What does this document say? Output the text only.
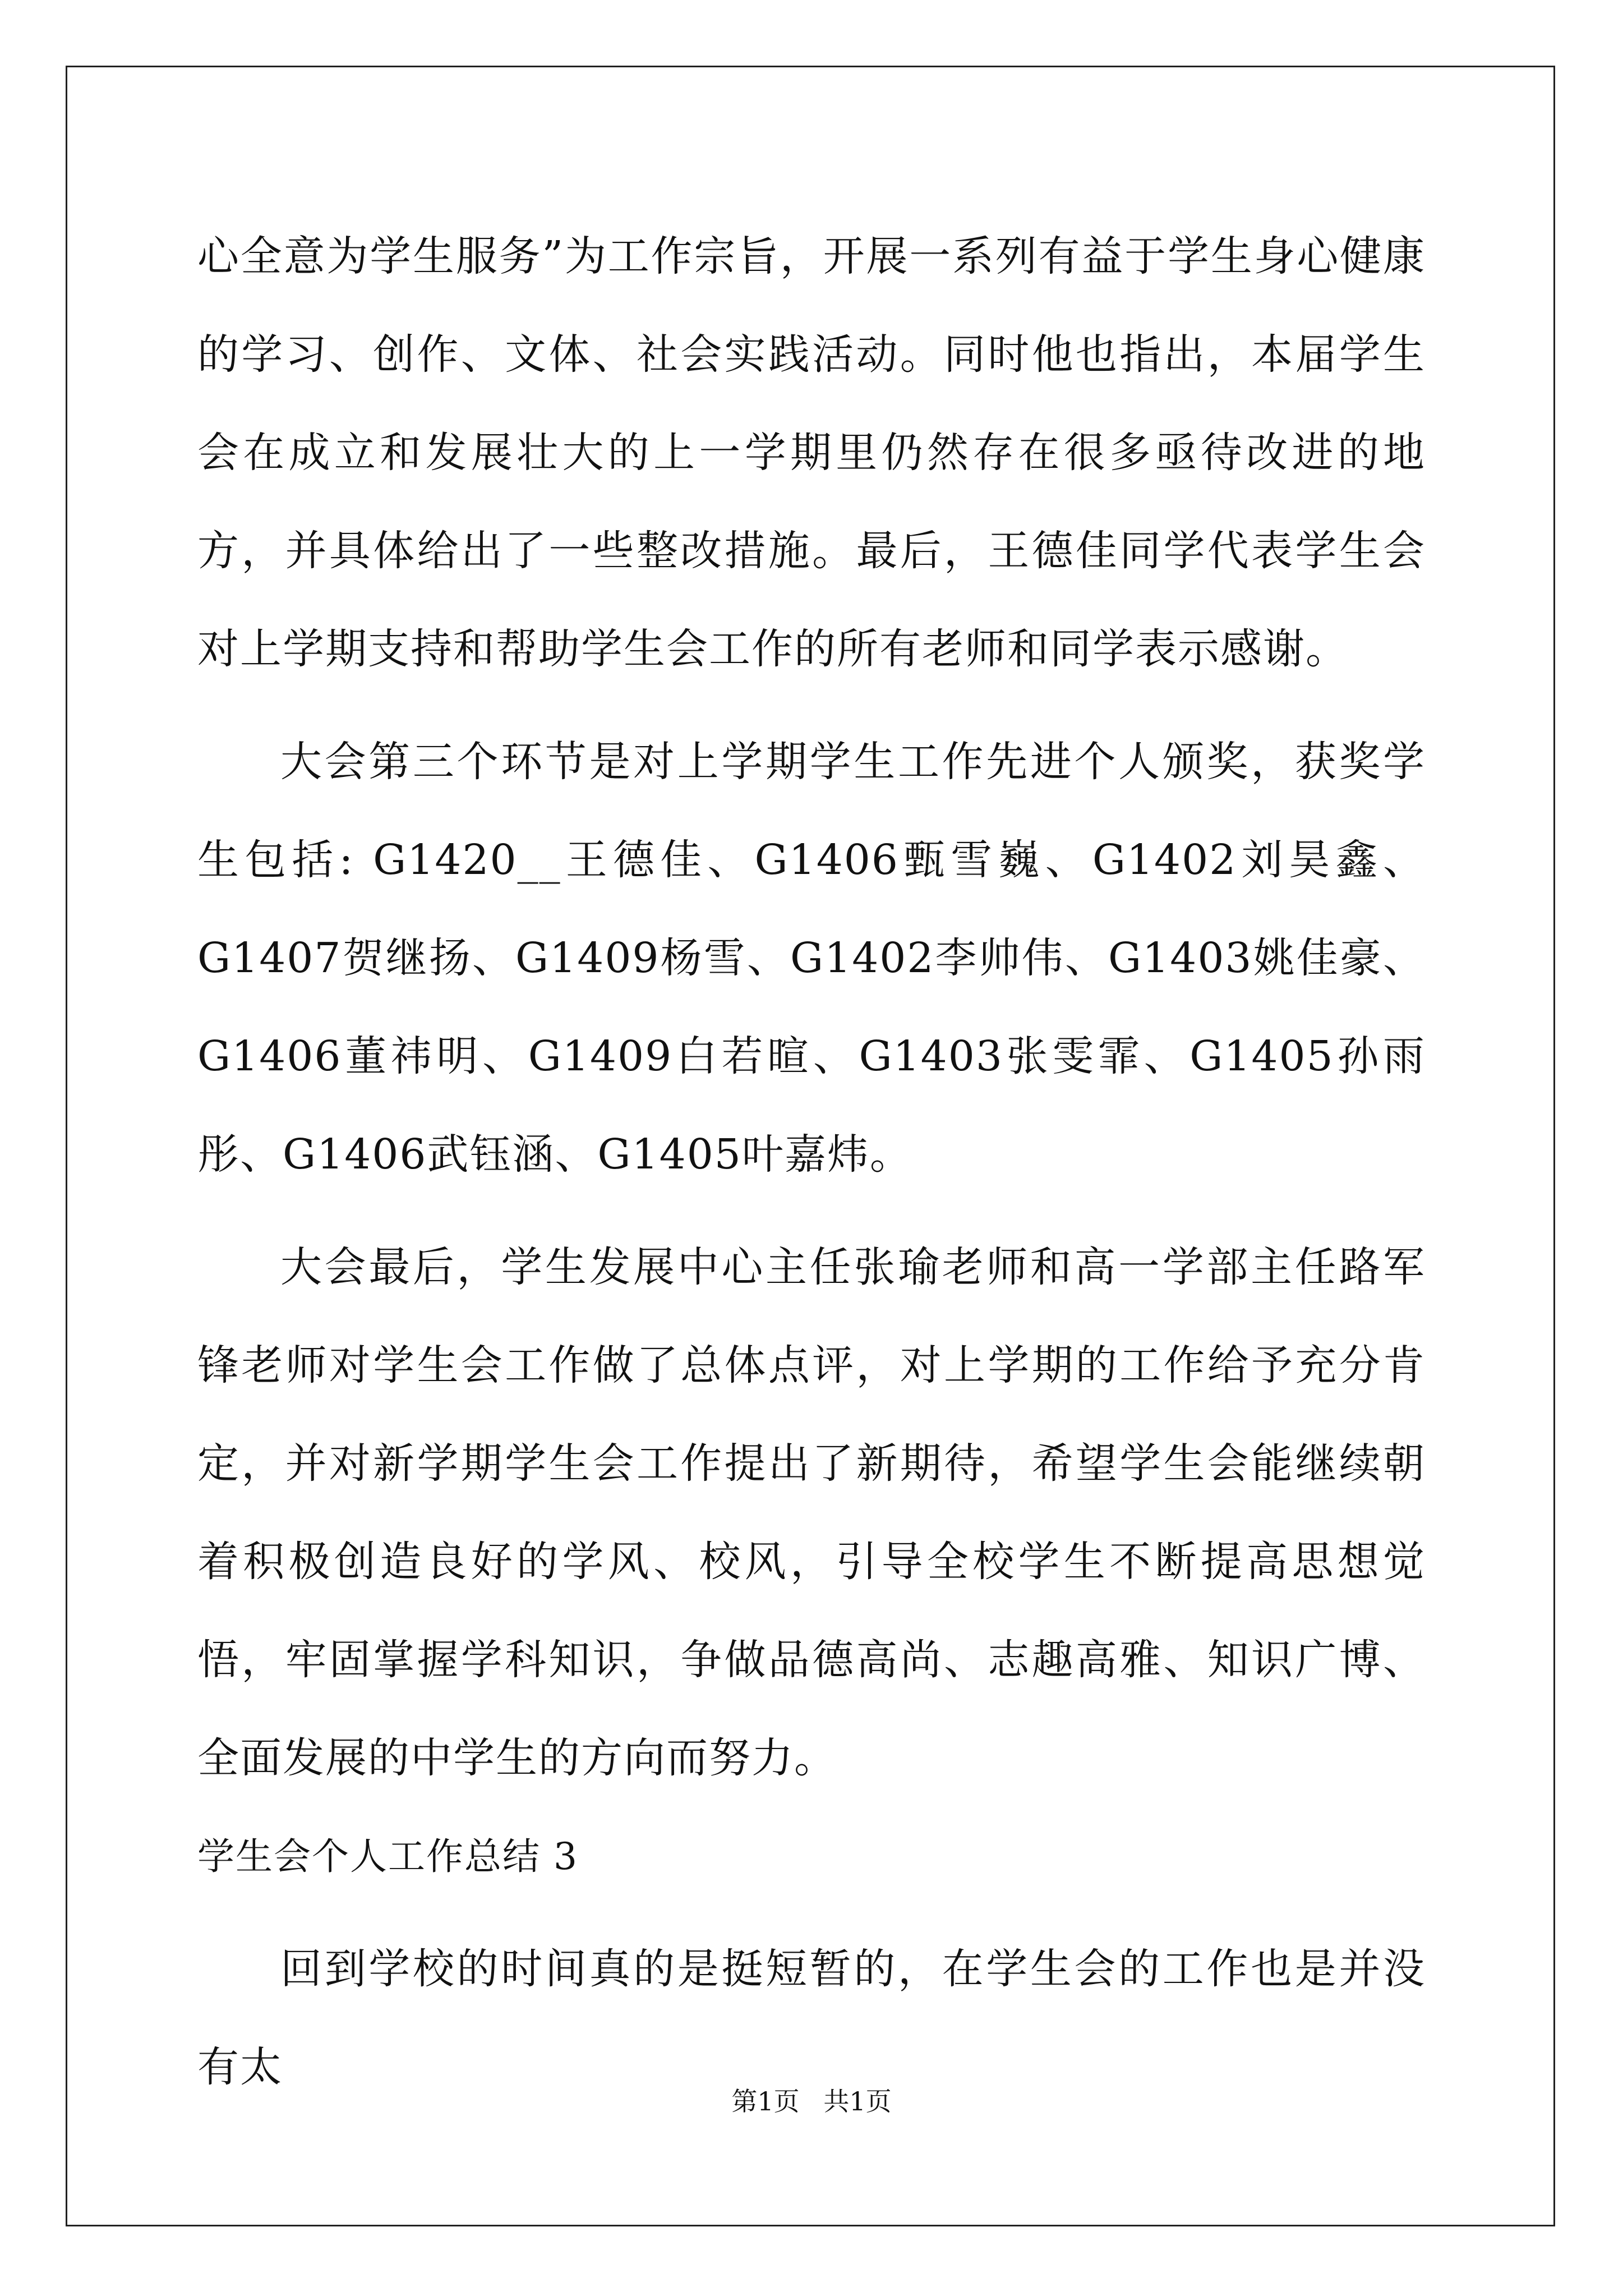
心全意为学生服务”为工作宗旨，开展一系列有益于学生身心健康的学习、创作、文体、社会实践活动。同时他也指出，本届学生会在成立和发展壮大的上一学期里仍然存在很多亟待改进的地方，并具体给出了一些整改措施。最后，王德佳同学代表学生会对上学期支持和帮助学生会工作的所有老师和同学表示感谢。

大会第三个环节是对上学期学生工作先进个人颁奖，获奖学生包括: G1420__王德佳、G1406甄雪巍、G1402刘昊鑫、G1407贺继扬、G1409杨雪、G1402李帅伟、G1403姚佳豪、G1406董祎明、G1409白若暄、G1403张雯霏、G1405孙雨彤、G1406武钰涵、G1405叶嘉炜。

大会最后，学生发展中心主任张瑜老师和高一学部主任路军锋老师对学生会工作做了总体点评，对上学期的工作给予充分肯定，并对新学期学生会工作提出了新期待，希望学生会能继续朝着积极创造良好的学风、校风，引导全校学生不断提高思想觉悟，牢固掌握学科知识，争做品德高尚、志趣高雅、知识广博、全面发展的中学生的方向而努力。

学生会个人工作总结 3

回到学校的时间真的是挺短暂的，在学生会的工作也是并没有太

第1页 共1页
